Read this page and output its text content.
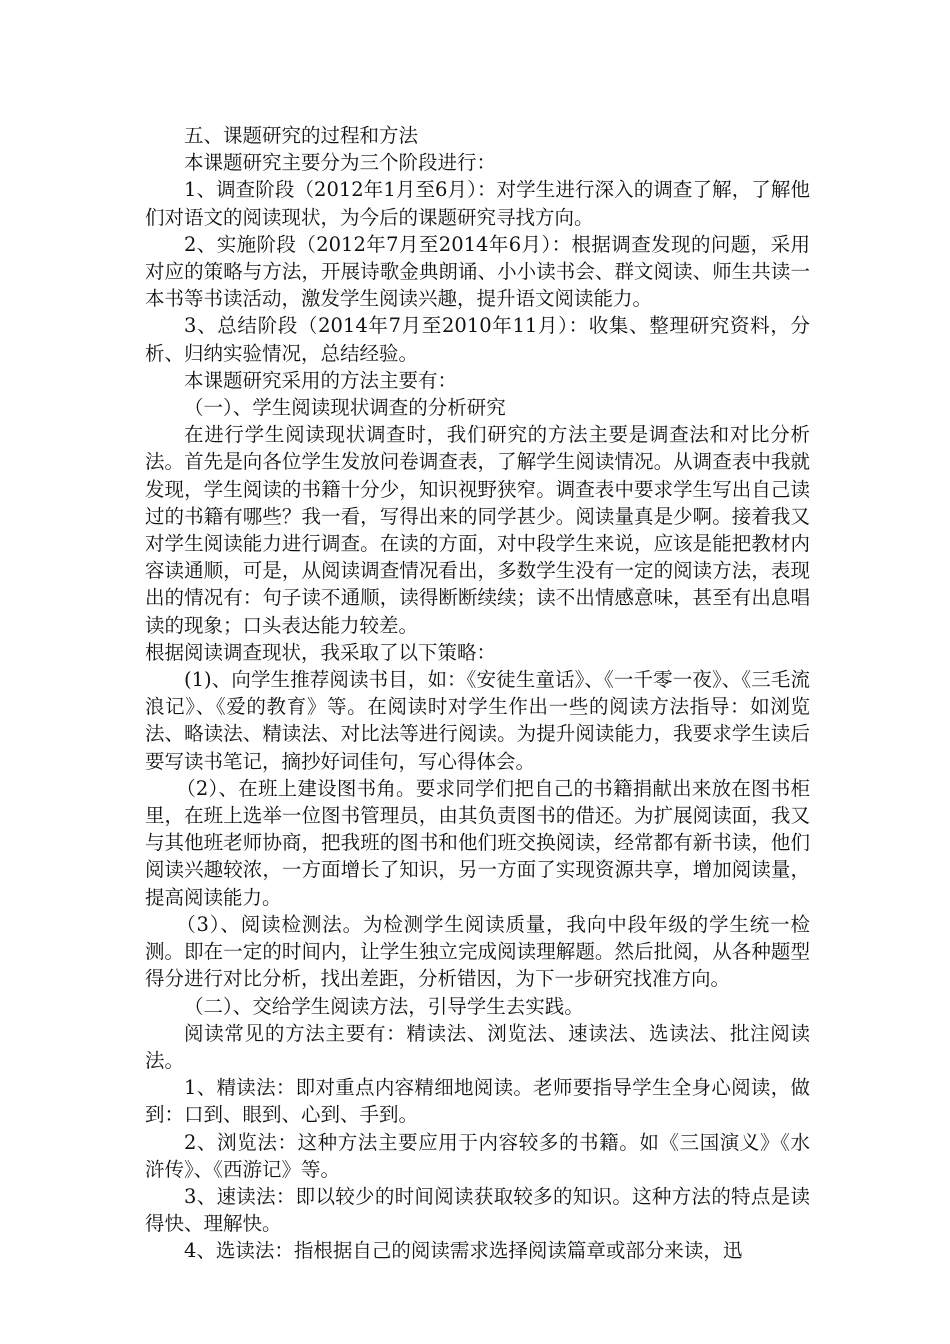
五、课题研究的过程和方法

本课题研究主要分为三个阶段进行：

1、调查阶段（2012年1月至6月）：对学生进行深入的调查了解，了解他们对语文的阅读现状，为今后的课题研究寻找方向。

2、实施阶段（2012年7月至2014年6月）：根据调查发现的问题，采用对应的策略与方法，开展诗歌金典朗诵、小小读书会、群文阅读、师生共读一本书等书读活动，激发学生阅读兴趣，提升语文阅读能力。

3、总结阶段（2014年7月至2010年11月）：收集、整理研究资料，分析、归纳实验情况，总结经验。

本课题研究采用的方法主要有：

（一）、学生阅读现状调查的分析研究

在进行学生阅读现状调查时，我们研究的方法主要是调查法和对比分析法。首先是向各位学生发放问卷调查表，了解学生阅读情况。从调查表中我就发现，学生阅读的书籍十分少，知识视野狭窄。调查表中要求学生写出自己读过的书籍有哪些？我一看，写得出来的同学甚少。阅读量真是少啊。接着我又对学生阅读能力进行调查。在读的方面，对中段学生来说，应该是能把教材内容读通顺，可是，从阅读调查情况看出，多数学生没有一定的阅读方法，表现出的情况有：句子读不通顺，读得断断续续；读不出情感意味，甚至有出息唱读的现象；口头表达能力较差。

根据阅读调查现状，我采取了以下策略：

(1)、向学生推荐阅读书目，如：《安徒生童话》、《一千零一夜》、《三毛流浪记》、《爱的教育》等。在阅读时对学生作出一些的阅读方法指导：如浏览法、略读法、精读法、对比法等进行阅读。为提升阅读能力，我要求学生读后要写读书笔记，摘抄好词佳句，写心得体会。

（2）、在班上建设图书角。要求同学们把自己的书籍捐献出来放在图书柜里，在班上选举一位图书管理员，由其负责图书的借还。为扩展阅读面，我又与其他班老师协商，把我班的图书和他们班交换阅读，经常都有新书读，他们阅读兴趣较浓，一方面增长了知识，另一方面了实现资源共享，增加阅读量，提高阅读能力。

（3）、阅读检测法。为检测学生阅读质量，我向中段年级的学生统一检测。即在一定的时间内，让学生独立完成阅读理解题。然后批阅，从各种题型得分进行对比分析，找出差距，分析错因，为下一步研究找准方向。

（二）、交给学生阅读方法，引导学生去实践。

阅读常见的方法主要有：精读法、浏览法、速读法、选读法、批注阅读法。

1、精读法：即对重点内容精细地阅读。老师要指导学生全身心阅读，做到：口到、眼到、心到、手到。

2、浏览法：这种方法主要应用于内容较多的书籍。如《三国演义》《水浒传》、《西游记》等。

3、速读法：即以较少的时间阅读获取较多的知识。这种方法的特点是读得快、理解快。

4、选读法：指根据自己的阅读需求选择阅读篇章或部分来读，迅
